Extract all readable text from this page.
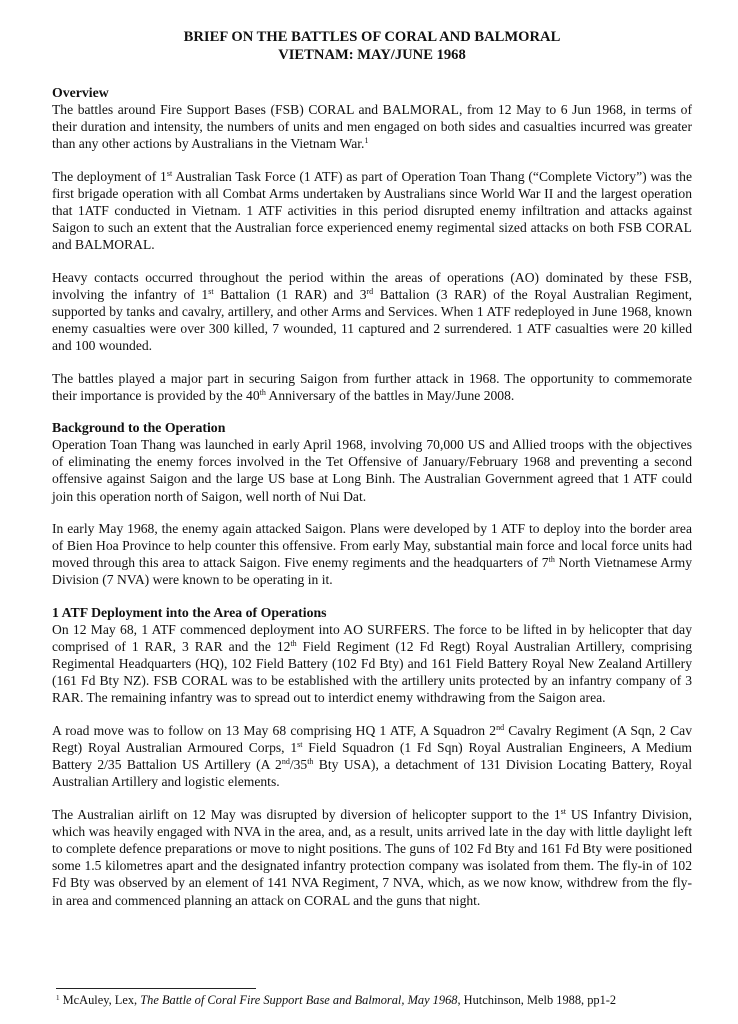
BRIEF ON THE BATTLES OF CORAL AND BALMORAL
VIETNAM: MAY/JUNE 1968
Overview

The battles around Fire Support Bases (FSB) CORAL and BALMORAL, from 12 May to 6 Jun 1968, in terms of their duration and intensity, the numbers of units and men engaged on both sides and casualties incurred was greater than any other actions by Australians in the Vietnam War.$^1$

The deployment of 1st Australian Task Force (1 ATF) as part of Operation Toan Thang (“Complete Victory”) was the first brigade operation with all Combat Arms undertaken by Australians since World War II and the largest operation that 1ATF conducted in Vietnam. 1 ATF activities in this period disrupted enemy infiltration and attacks against Saigon to such an extent that the Australian force experienced enemy regimental sized attacks on both FSB CORAL and BALMORAL.

Heavy contacts occurred throughout the period within the areas of operations (AO) dominated by these FSB, involving the infantry of 1st Battalion (1 RAR) and 3rd Battalion (3 RAR) of the Royal Australian Regiment, supported by tanks and cavalry, artillery, and other Arms and Services. When 1 ATF redeployed in June 1968, known enemy casualties were over 300 killed, 7 wounded, 11 captured and 2 surrendered. 1 ATF casualties were 20 killed and 100 wounded.

The battles played a major part in securing Saigon from further attack in 1968. The opportunity to commemorate their importance is provided by the 40th Anniversary of the battles in May/June 2008.

Background to the Operation

Operation Toan Thang was launched in early April 1968, involving 70,000 US and Allied troops with the objectives of eliminating the enemy forces involved in the Tet Offensive of January/February 1968 and preventing a second offensive against Saigon and the large US base at Long Binh. The Australian Government agreed that 1 ATF could join this operation north of Saigon, well north of Nui Dat.

In early May 1968, the enemy again attacked Saigon. Plans were developed by 1 ATF to deploy into the border area of Bien Hoa Province to help counter this offensive. From early May, substantial main force and local force units had moved through this area to attack Saigon. Five enemy regiments and the headquarters of 7th North Vietnamese Army Division (7 NVA) were known to be operating in it.

1 ATF Deployment into the Area of Operations

On 12 May 68, 1 ATF commenced deployment into AO SURFERS. The force to be lifted in by helicopter that day comprised of 1 RAR, 3 RAR and the 12th Field Regiment (12 Fd Regt) Royal Australian Artillery, comprising Regimental Headquarters (HQ), 102 Field Battery (102 Fd Bty) and 161 Field Battery Royal New Zealand Artillery (161 Fd Bty NZ). FSB CORAL was to be established with the artillery units protected by an infantry company of 3 RAR. The remaining infantry was to spread out to interdict enemy withdrawing from the Saigon area.

A road move was to follow on 13 May 68 comprising HQ 1 ATF, A Squadron 2nd Cavalry Regiment (A Sqn, 2 Cav Regt) Royal Australian Armoured Corps, 1st Field Squadron (1 Fd Sqn) Royal Australian Engineers, A Medium Battery 2/35 Battalion US Artillery (A 2nd/35th Bty USA), a detachment of 131 Division Locating Battery, Royal Australian Artillery and logistic elements.

The Australian airlift on 12 May was disrupted by diversion of helicopter support to the 1st US Infantry Division, which was heavily engaged with NVA in the area, and, as a result, units arrived late in the day with little daylight left to complete defence preparations or move to night positions. The guns of 102 Fd Bty and 161 Fd Bty were positioned some 1.5 kilometres apart and the designated infantry protection company was isolated from them. The fly-in of 102 Fd Bty was observed by an element of 141 NVA Regiment, 7 NVA, which, as we now know, withdrew from the fly-in area and commenced planning an attack on CORAL and the guns that night.

$^1$ McAuley, Lex, The Battle of Coral Fire Support Base and Balmoral, May 1968, Hutchinson, Melb 1988, pp1-2
